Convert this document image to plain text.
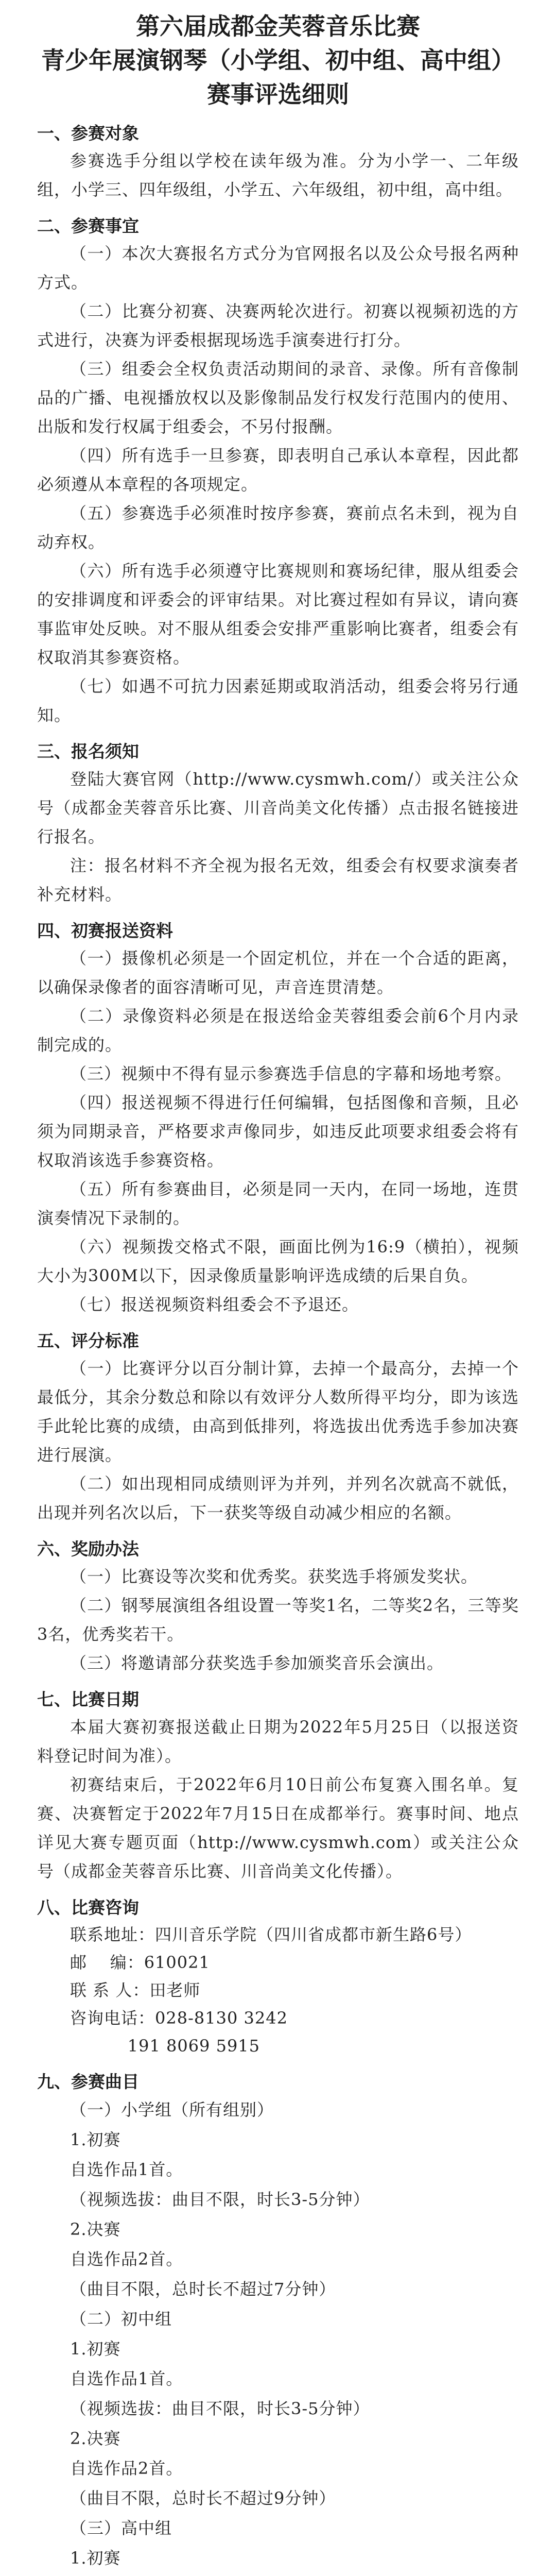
第六届成都金芙蓉音乐比赛
青少年展演钢琴（小学组、初中组、高中组）
赛事评选细则
一、参赛对象

参赛选手分组以学校在读年级为准。分为小学一、二年级组，小学三、四年级组，小学五、六年级组，初中组，高中组。

二、参赛事宜

（一）本次大赛报名方式分为官网报名以及公众号报名两种方式。

（二）比赛分初赛、决赛两轮次进行。初赛以视频初选的方式进行，决赛为评委根据现场选手演奏进行打分。

（三）组委会全权负责活动期间的录音、录像。所有音像制品的广播、电视播放权以及影像制品发行权发行范围内的使用、出版和发行权属于组委会，不另付报酬。

（四）所有选手一旦参赛，即表明自己承认本章程，因此都必须遵从本章程的各项规定。

（五）参赛选手必须准时按序参赛，赛前点名未到，视为自动弃权。

（六）所有选手必须遵守比赛规则和赛场纪律，服从组委会的安排调度和评委会的评审结果。对比赛过程如有异议，请向赛事监审处反映。对不服从组委会安排严重影响比赛者，组委会有权取消其参赛资格。

（七）如遇不可抗力因素延期或取消活动，组委会将另行通知。

三、报名须知

登陆大赛官网（http://www.cysmwh.com/）或关注公众号（成都金芙蓉音乐比赛、川音尚美文化传播）点击报名链接进行报名。

注：报名材料不齐全视为报名无效，组委会有权要求演奏者补充材料。

四、初赛报送资料

（一）摄像机必须是一个固定机位，并在一个合适的距离，以确保录像者的面容清晰可见，声音连贯清楚。

（二）录像资料必须是在报送给金芙蓉组委会前6个月内录制完成的。

（三）视频中不得有显示参赛选手信息的字幕和场地考察。

（四）报送视频不得进行任何编辑，包括图像和音频，且必须为同期录音，严格要求声像同步，如违反此项要求组委会将有权取消该选手参赛资格。

（五）所有参赛曲目，必须是同一天内，在同一场地，连贯演奏情况下录制的。

（六）视频拨交格式不限，画面比例为16:9（横拍），视频大小为300M以下，因录像质量影响评选成绩的后果自负。

（七）报送视频资料组委会不予退还。

五、评分标准

（一）比赛评分以百分制计算，去掉一个最高分，去掉一个最低分，其余分数总和除以有效评分人数所得平均分，即为该选手此轮比赛的成绩，由高到低排列，将选拔出优秀选手参加决赛进行展演。

（二）如出现相同成绩则评为并列，并列名次就高不就低，出现并列名次以后，下一获奖等级自动减少相应的名额。

六、奖励办法

（一）比赛设等次奖和优秀奖。获奖选手将颁发奖状。

（二）钢琴展演组各组设置一等奖1名，二等奖2名，三等奖3名，优秀奖若干。

（三）将邀请部分获奖选手参加颁奖音乐会演出。

七、比赛日期

本届大赛初赛报送截止日期为2022年5月25日（以报送资料登记时间为准）。

初赛结束后，于2022年6月10日前公布复赛入围名单。复赛、决赛暂定于2022年7月15日在成都举行。赛事时间、地点详见大赛专题页面（http://www.cysmwh.com）或关注公众号（成都金芙蓉音乐比赛、川音尚美文化传播）。

八、比赛咨询
联系地址：四川音乐学院（四川省成都市新生路6号）
邮    编：610021
联 系 人：田老师
咨询电话：028-8130 3242
191 8069 5915
九、参赛曲目
（一）小学组（所有组别）
1.初赛
自选作品1首。
（视频选拔：曲目不限，时长3-5分钟）
2.决赛
自选作品2首。
（曲目不限，总时长不超过7分钟）
（二）初中组
1.初赛
自选作品1首。
（视频选拔：曲目不限，时长3-5分钟）
2.决赛
自选作品2首。
（曲目不限，总时长不超过9分钟）
（三）高中组
1.初赛
